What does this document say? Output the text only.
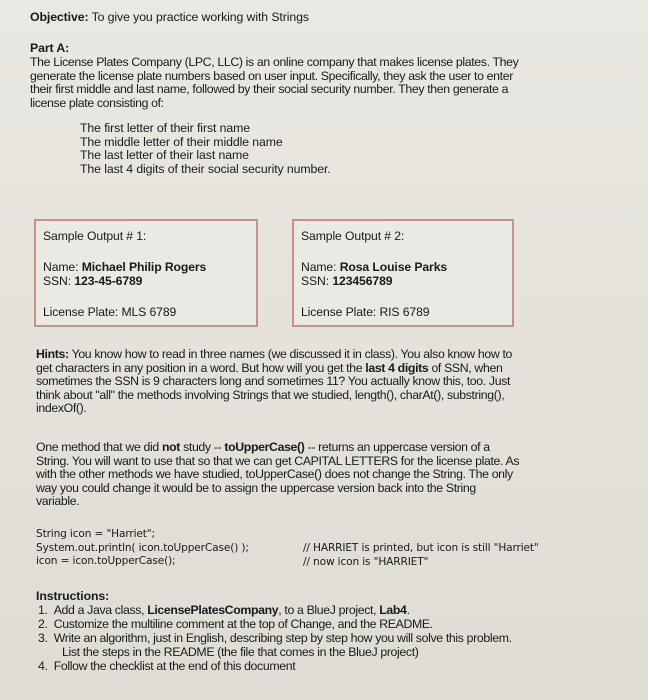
Objective: To give you practice working with Strings
Part A:
The License Plates Company (LPC, LLC) is an online company that makes license plates. They
generate the license plate numbers based on user input. Specifically, they ask the user to enter
their first middle and last name, followed by their social security number. They then generate a
license plate consisting of:
The first letter of their first name
The middle letter of their middle name
The last letter of their last name
The last 4 digits of their social security number.
Sample Output # 1:
Name: Michael Philip Rogers
SSN: 123-45-6789
License Plate: MLS 6789
Sample Output # 2:
Name: Rosa Louise Parks
SSN: 123456789
License Plate: RIS 6789
Hints: You know how to read in three names (we discussed it in class). You also know how to
get characters in any position in a word. But how will you get the last 4 digits of SSN, when
sometimes the SSN is 9 characters long and sometimes 11? You actually know this, too. Just
think about "all" the methods involving Strings that we studied, length(), charAt(), substring(),
indexOf().
One method that we did not study -- toUpperCase() -- returns an uppercase version of a
String. You will want to use that so that we can get CAPITAL LETTERS for the license plate. As
with the other methods we have studied, toUpperCase() does not change the String. The only
way you could change it would be to assign the uppercase version back into the String
variable.
String icon = "Harriet";
System.out.println( icon.toUpperCase() );
icon = icon.toUpperCase();
// HARRIET is printed, but icon is still "Harriet"
// now icon is "HARRIET"
Instructions:
1. Add a Java class, LicensePlatesCompany, to a BlueJ project, Lab4.
2. Customize the multiline comment at the top of Change, and the README.
3. Write an algorithm, just in English, describing step by step how you will solve this problem.
List the steps in the README (the file that comes in the BlueJ project)
4. Follow the checklist at the end of this document
